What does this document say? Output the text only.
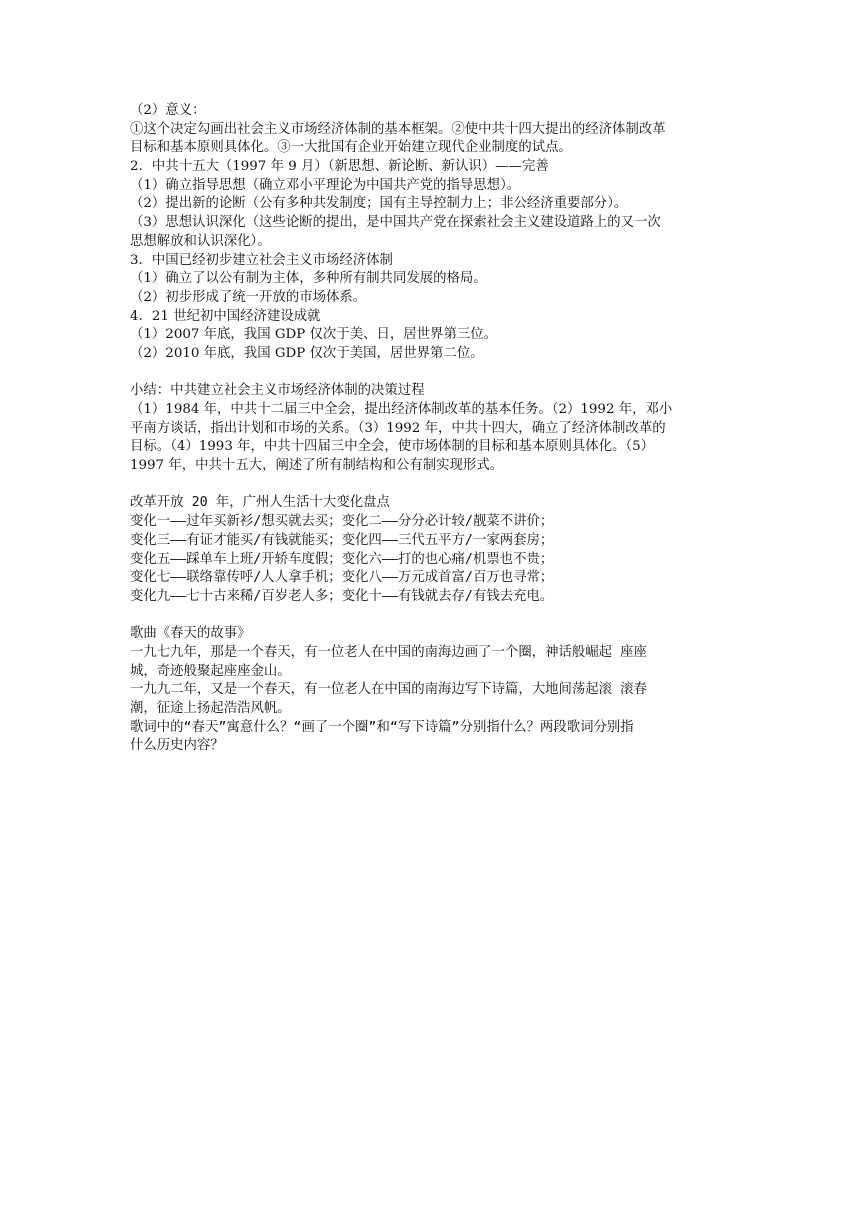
（2）意义：
①这个决定勾画出社会主义市场经济体制的基本框架。②使中共十四大提出的经济体制改革
目标和基本原则具体化。③一大批国有企业开始建立现代企业制度的试点。
2．中共十五大（1997 年 9 月）（新思想、新论断、新认识）——完善
（1）确立指导思想（确立邓小平理论为中国共产党的指导思想）。
（2）提出新的论断（公有多种共发制度；国有主导控制力上；非公经济重要部分）。
（3）思想认识深化（这些论断的提出，是中国共产党在探索社会主义建设道路上的又一次
思想解放和认识深化）。
3．中国已经初步建立社会主义市场经济体制
（1）确立了以公有制为主体，多种所有制共同发展的格局。
（2）初步形成了统一开放的市场体系。
4．21 世纪初中国经济建设成就
（1）2007 年底，我国 GDP 仅次于美、日，居世界第三位。
（2）2010 年底，我国 GDP 仅次于美国，居世界第二位。
小结：中共建立社会主义市场经济体制的决策过程
（1）1984 年，中共十二届三中全会，提出经济体制改革的基本任务。（2）1992 年，邓小
平南方谈话，指出计划和市场的关系。（3）1992 年，中共十四大，确立了经济体制改革的
目标。（4）1993 年，中共十四届三中全会，使市场体制的目标和基本原则具体化。（5）
1997 年，中共十五大，阐述了所有制结构和公有制实现形式。
改革开放 20 年，广州人生活十大变化盘点
变化一——过年买新衫/想买就去买；变化二——分分必计较/靓菜不讲价；
变化三——有证才能买/有钱就能买；变化四——三代五平方/一家两套房；
变化五——踩单车上班/开轿车度假；变化六——打的也心痛/机票也不贵；
变化七——联络靠传呼/人人拿手机；变化八——万元成首富/百万也寻常；
变化九——七十古来稀/百岁老人多；变化十——有钱就去存/有钱去充电。
歌曲《春天的故事》
一九七九年，那是一个春天，有一位老人在中国的南海边画了一个圈，神话般崛起 座座
城，奇迹般聚起座座金山。
一九九二年，又是一个春天，有一位老人在中国的南海边写下诗篇，大地间荡起滚 滚春
潮，征途上扬起浩浩风帆。
歌词中的“春天”寓意什么？“画了一个圈”和“写下诗篇”分别指什么？两段歌词分别指
什么历史内容？
